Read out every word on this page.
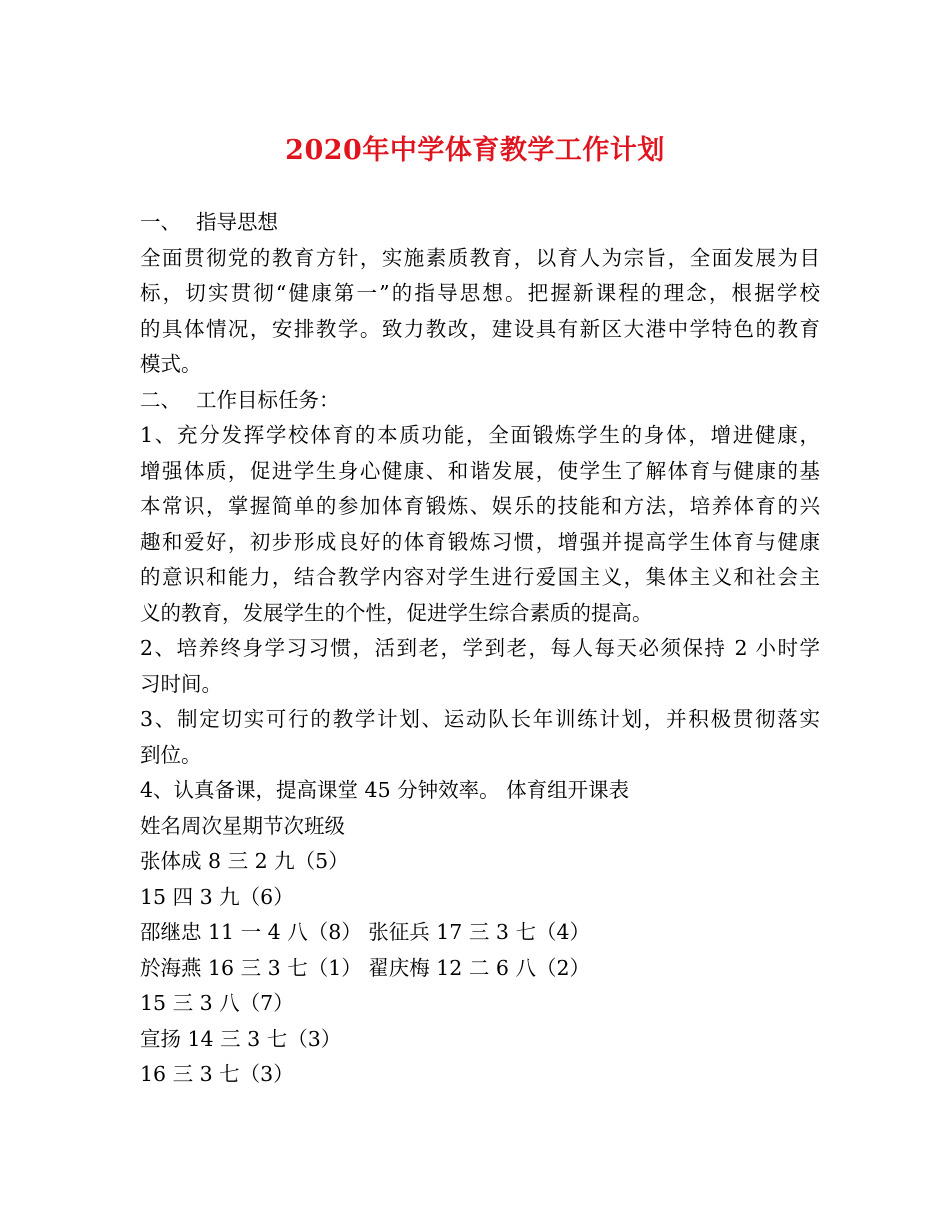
2020年中学体育教学工作计划
一、 指导思想
全面贯彻党的教育方针，实施素质教育，以育人为宗旨，全面发展为目
标，切实贯彻“健康第一”的指导思想。把握新课程的理念，根据学校
的具体情况，安排教学。致力教改，建设具有新区大港中学特色的教育
模式。
二、 工作目标任务：
1、充分发挥学校体育的本质功能，全面锻炼学生的身体，增进健康，
增强体质，促进学生身心健康、和谐发展，使学生了解体育与健康的基
本常识，掌握简单的参加体育锻炼、娱乐的技能和方法，培养体育的兴
趣和爱好，初步形成良好的体育锻炼习惯，增强并提高学生体育与健康
的意识和能力，结合教学内容对学生进行爱国主义，集体主义和社会主
义的教育，发展学生的个性，促进学生综合素质的提高。
2、培养终身学习习惯，活到老，学到老，每人每天必须保持 2 小时学
习时间。
3、制定切实可行的教学计划、运动队长年训练计划，并积极贯彻落实
到位。
4、认真备课，提高课堂 45 分钟效率。 体育组开课表
姓名周次星期节次班级
张体成 8 三 2 九（5）
15 四 3 九（6）
邵继忠 11 一 4 八（8） 张征兵 17 三 3 七（4）
於海燕 16 三 3 七（1） 翟庆梅 12 二 6 八（2）
15 三 3 八（7）
宣扬 14 三 3 七（3）
16 三 3 七（3）
